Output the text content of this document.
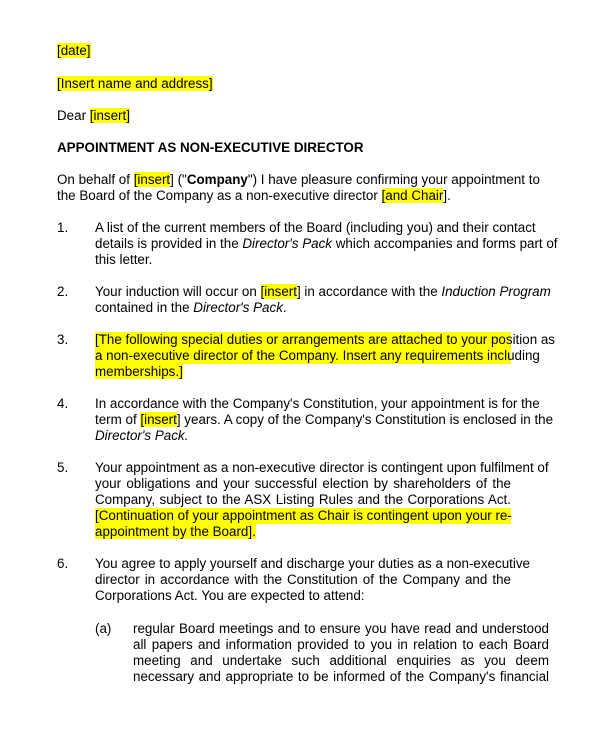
[date]
[Insert name and address]
Dear [insert]
APPOINTMENT AS NON-EXECUTIVE DIRECTOR
On behalf of [insert] ("Company") I have pleasure confirming your appointment to
the Board of the Company as a non-executive director [and Chair].
1. A list of the current members of the Board (including you) and their contact
details is provided in the Director's Pack which accompanies and forms part of
this letter.
2. Your induction will occur on [insert] in accordance with the Induction Program
contained in the Director's Pack.
3. [The following special duties or arrangements are attached to your position as
a non-executive director of the Company. Insert any requirements including
memberships.]
4. In accordance with the Company's Constitution, your appointment is for the
term of [insert] years. A copy of the Company's Constitution is enclosed in the
Director's Pack.
5. Your appointment as a non-executive director is contingent upon fulfilment of
your obligations and your successful election by shareholders of the
Company, subject to the ASX Listing Rules and the Corporations Act.
[Continuation of your appointment as Chair is contingent upon your re-
appointment by the Board].
6. You agree to apply yourself and discharge your duties as a non-executive
director in accordance with the Constitution of the Company and the
Corporations Act. You are expected to attend:
(a) regular Board meetings and to ensure you have read and understood
all papers and information provided to you in relation to each Board
meeting and undertake such additional enquiries as you deem
necessary and appropriate to be informed of the Company's financial
